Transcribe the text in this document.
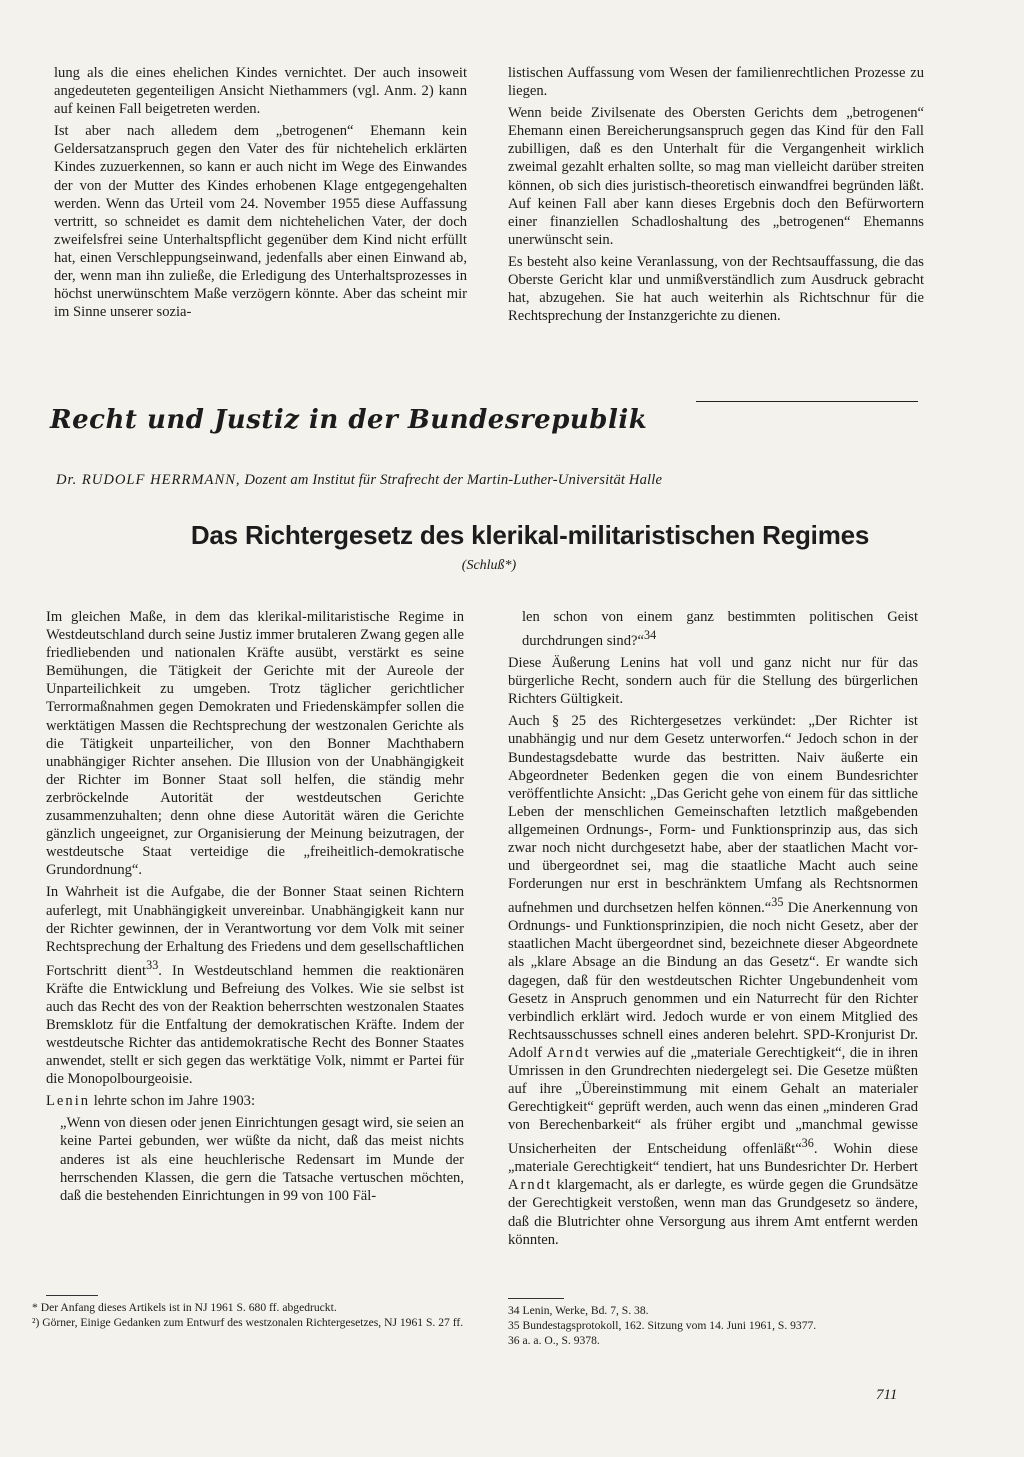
lung als die eines ehelichen Kindes vernichtet. Der auch insoweit angedeuteten gegenteiligen Ansicht Niethammers (vgl. Anm. 2) kann auf keinen Fall beigetreten werden.

Ist aber nach alledem dem „betrogenen“ Ehemann kein Geldersatzanspruch gegen den Vater des für nichtehelich erklärten Kindes zuzuerkennen, so kann er auch nicht im Wege des Einwandes der von der Mutter des Kindes erhobenen Klage entgegengehalten werden. Wenn das Urteil vom 24. November 1955 diese Auffassung vertritt, so schneidet es damit dem nichtehelichen Vater, der doch zweifelsfrei seine Unterhaltspflicht gegenüber dem Kind nicht erfüllt hat, einen Verschleppungseinwand, jedenfalls aber einen Einwand ab, der, wenn man ihn zuließe, die Erledigung des Unterhaltsprozesses in höchst unerwünschtem Maße verzögern könnte. Aber das scheint mir im Sinne unserer sozia-

listischen Auffassung vom Wesen der familienrechtlichen Prozesse zu liegen.

Wenn beide Zivilsenate des Obersten Gerichts dem „betrogenen“ Ehemann einen Bereicherungsanspruch gegen das Kind für den Fall zubilligen, daß es den Unterhalt für die Vergangenheit wirklich zweimal gezahlt erhalten sollte, so mag man vielleicht darüber streiten können, ob sich dies juristisch-theoretisch einwandfrei begründen läßt. Auf keinen Fall aber kann dieses Ergebnis doch den Befürwortern einer finanziellen Schadloshaltung des „betrogenen“ Ehemanns unerwünscht sein.

Es besteht also keine Veranlassung, von der Rechtsauffassung, die das Oberste Gericht klar und unmißverständlich zum Ausdruck gebracht hat, abzugehen. Sie hat auch weiterhin als Richtschnur für die Rechtsprechung der Instanzgerichte zu dienen.

Recht und Justiz in der Bundesrepublik
Dr. RUDOLF HERRMANN, Dozent am Institut für Strafrecht der Martin-Luther-Universität Halle
Das Richtergesetz des klerikal-militaristischen Regimes
(Schluß*)

Im gleichen Maße, in dem das klerikal-militaristische Regime in Westdeutschland durch seine Justiz immer brutaleren Zwang gegen alle friedliebenden und nationalen Kräfte ausübt, verstärkt es seine Bemühungen, die Tätigkeit der Gerichte mit der Aureole der Unparteilichkeit zu umgeben. Trotz täglicher gerichtlicher Terrormaßnahmen gegen Demokraten und Friedenskämpfer sollen die werktätigen Massen die Rechtsprechung der westzonalen Gerichte als die Tätigkeit unparteilicher, von den Bonner Machthabern unabhängiger Richter ansehen. Die Illusion von der Unabhängigkeit der Richter im Bonner Staat soll helfen, die ständig mehr zerbröckelnde Autorität der westdeutschen Gerichte zusammenzuhalten; denn ohne diese Autorität wären die Gerichte gänzlich ungeeignet, zur Organisierung der Meinung beizutragen, der westdeutsche Staat verteidige die „freiheitlich-demokratische Grundordnung“.

In Wahrheit ist die Aufgabe, die der Bonner Staat seinen Richtern auferlegt, mit Unabhängigkeit unvereinbar. Unabhängigkeit kann nur der Richter gewinnen, der in Verantwortung vor dem Volk mit seiner Rechtsprechung der Erhaltung des Friedens und dem gesellschaftlichen Fortschritt dient$^{33}$. In Westdeutschland hemmen die reaktionären Kräfte die Entwicklung und Befreiung des Volkes. Wie sie selbst ist auch das Recht des von der Reaktion beherrschten westzonalen Staates Bremsklotz für die Entfaltung der demokratischen Kräfte. Indem der westdeutsche Richter das antidemokratische Recht des Bonner Staates anwendet, stellt er sich gegen das werktätige Volk, nimmt er Partei für die Monopolbourgeoisie.

Lenin lehrte schon im Jahre 1903:

„Wenn von diesen oder jenen Einrichtungen gesagt wird, sie seien an keine Partei gebunden, wer wüßte da nicht, daß das meist nichts anderes ist als eine heuchlerische Redensart im Munde der herrschenden Klassen, die gern die Tatsache vertuschen möchten, daß die bestehenden Einrichtungen in 99 von 100 Fäl-

len schon von einem ganz bestimmten politischen Geist durchdrungen sind?“$^{34}$

Diese Äußerung Lenins hat voll und ganz nicht nur für das bürgerliche Recht, sondern auch für die Stellung des bürgerlichen Richters Gültigkeit.

Auch § 25 des Richtergesetzes verkündet: „Der Richter ist unabhängig und nur dem Gesetz unterworfen.“ Jedoch schon in der Bundestagsdebatte wurde das bestritten. Naiv äußerte ein Abgeordneter Bedenken gegen die von einem Bundesrichter veröffentlichte Ansicht: „Das Gericht gehe von einem für das sittliche Leben der menschlichen Gemeinschaften letztlich maßgebenden allgemeinen Ordnungs-, Form- und Funktionsprinzip aus, das sich zwar noch nicht durchgesetzt habe, aber der staatlichen Macht vor- und übergeordnet sei, mag die staatliche Macht auch seine Forderungen nur erst in beschränktem Umfang als Rechtsnormen aufnehmen und durchsetzen helfen können.“$^{35}$ Die Anerkennung von Ordnungs- und Funktionsprinzipien, die noch nicht Gesetz, aber der staatlichen Macht übergeordnet sind, bezeichnete dieser Abgeordnete als „klare Absage an die Bindung an das Gesetz“. Er wandte sich dagegen, daß für den westdeutschen Richter Ungebundenheit vom Gesetz in Anspruch genommen und ein Naturrecht für den Richter verbindlich erklärt wird. Jedoch wurde er von einem Mitglied des Rechtsausschusses schnell eines anderen belehrt. SPD-Kronjurist Dr. Adolf Arndt verwies auf die „materiale Gerechtigkeit“, die in ihren Umrissen in den Grundrechten niedergelegt sei. Die Gesetze müßten auf ihre „Übereinstimmung mit einem Gehalt an materialer Gerechtigkeit“ geprüft werden, auch wenn das einen „minderen Grad von Berechenbarkeit“ als früher ergibt und „manchmal gewisse Unsicherheiten der Entscheidung offenläßt“$^{36}$. Wohin diese „materiale Gerechtigkeit“ tendiert, hat uns Bundesrichter Dr. Herbert Arndt klargemacht, als er darlegte, es würde gegen die Grundsätze der Gerechtigkeit verstoßen, wenn man das Grundgesetz so ändere, daß die Blutrichter ohne Versorgung aus ihrem Amt entfernt werden könnten.

* Der Anfang dieses Artikels ist in NJ 1961 S. 680 ff. abgedruckt.

²) Görner, Einige Gedanken zum Entwurf des westzonalen Richtergesetzes, NJ 1961 S. 27 ff.

34 Lenin, Werke, Bd. 7, S. 38.

35 Bundestagsprotokoll, 162. Sitzung vom 14. Juni 1961, S. 9377.

36 a. a. O., S. 9378.

711
